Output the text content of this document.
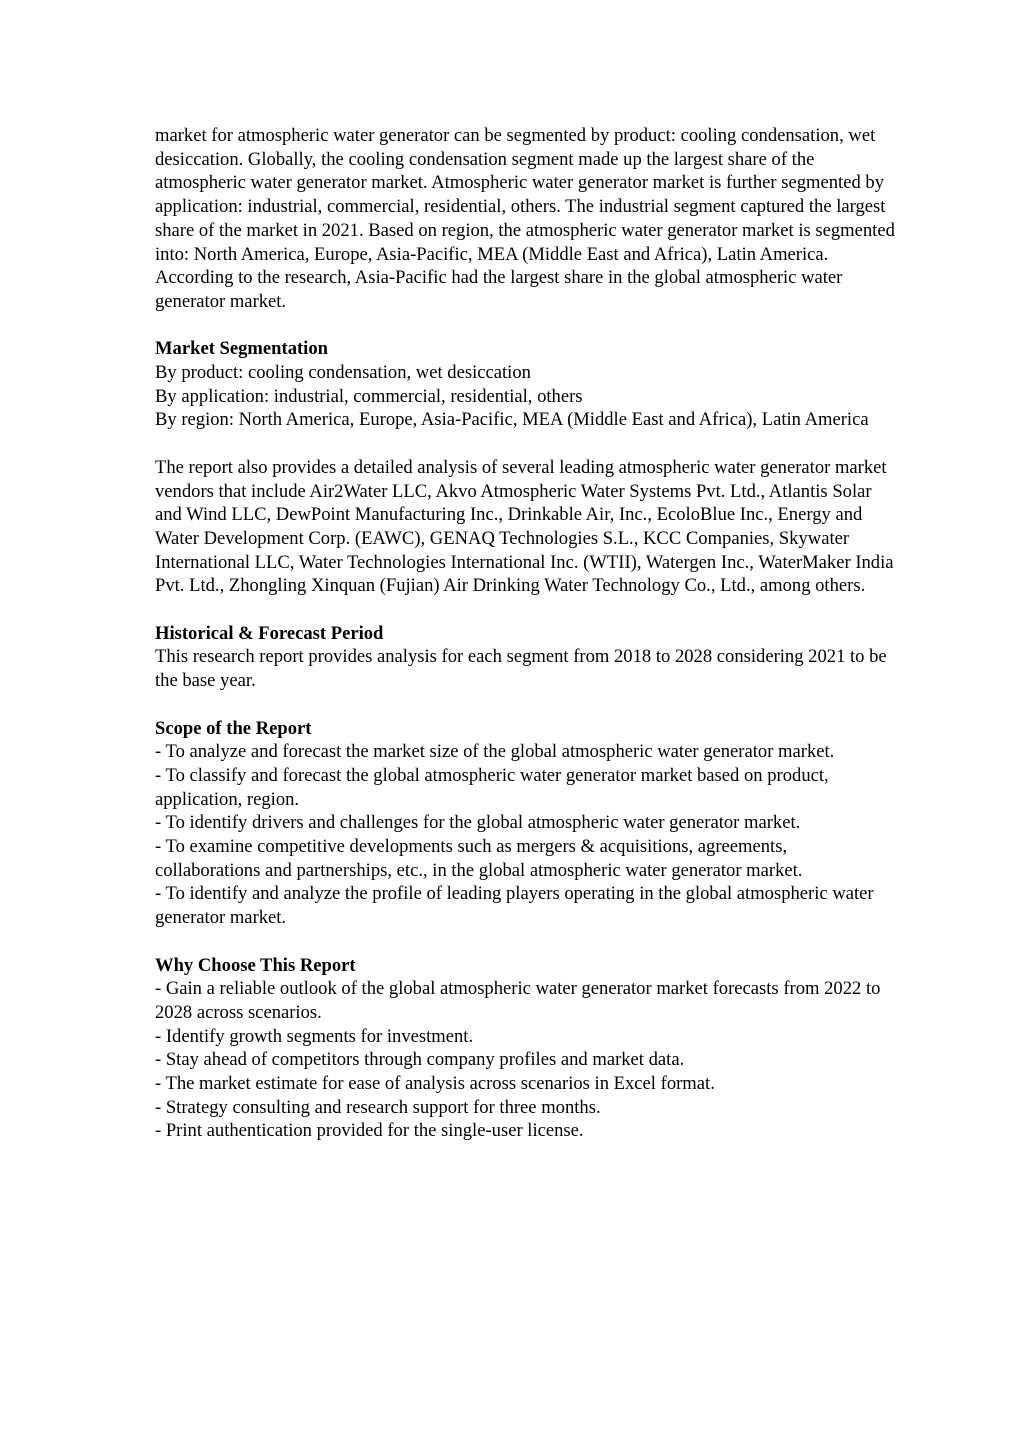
market for atmospheric water generator can be segmented by product: cooling condensation, wet desiccation. Globally, the cooling condensation segment made up the largest share of the atmospheric water generator market. Atmospheric water generator market is further segmented by application: industrial, commercial, residential, others. The industrial segment captured the largest share of the market in 2021. Based on region, the atmospheric water generator market is segmented into: North America, Europe, Asia-Pacific, MEA (Middle East and Africa), Latin America. According to the research, Asia-Pacific had the largest share in the global atmospheric water generator market.

Market Segmentation
By product: cooling condensation, wet desiccation
By application: industrial, commercial, residential, others
By region: North America, Europe, Asia-Pacific, MEA (Middle East and Africa), Latin America

The report also provides a detailed analysis of several leading atmospheric water generator market vendors that include Air2Water LLC, Akvo Atmospheric Water Systems Pvt. Ltd., Atlantis Solar and Wind LLC, DewPoint Manufacturing Inc., Drinkable Air, Inc., EcoloBlue Inc., Energy and Water Development Corp. (EAWC), GENAQ Technologies S.L., KCC Companies, Skywater International LLC, Water Technologies International Inc. (WTII), Watergen Inc., WaterMaker India Pvt. Ltd., Zhongling Xinquan (Fujian) Air Drinking Water Technology Co., Ltd., among others.

Historical & Forecast Period
This research report provides analysis for each segment from 2018 to 2028 considering 2021 to be the base year.
Scope of the Report
- To analyze and forecast the market size of the global atmospheric water generator market.
- To classify and forecast the global atmospheric water generator market based on product, application, region.
- To identify drivers and challenges for the global atmospheric water generator market.
- To examine competitive developments such as mergers & acquisitions, agreements, collaborations and partnerships, etc., in the global atmospheric water generator market.
- To identify and analyze the profile of leading players operating in the global atmospheric water generator market.
Why Choose This Report
- Gain a reliable outlook of the global atmospheric water generator market forecasts from 2022 to 2028 across scenarios.
- Identify growth segments for investment.
- Stay ahead of competitors through company profiles and market data.
- The market estimate for ease of analysis across scenarios in Excel format.
- Strategy consulting and research support for three months.
- Print authentication provided for the single-user license.
